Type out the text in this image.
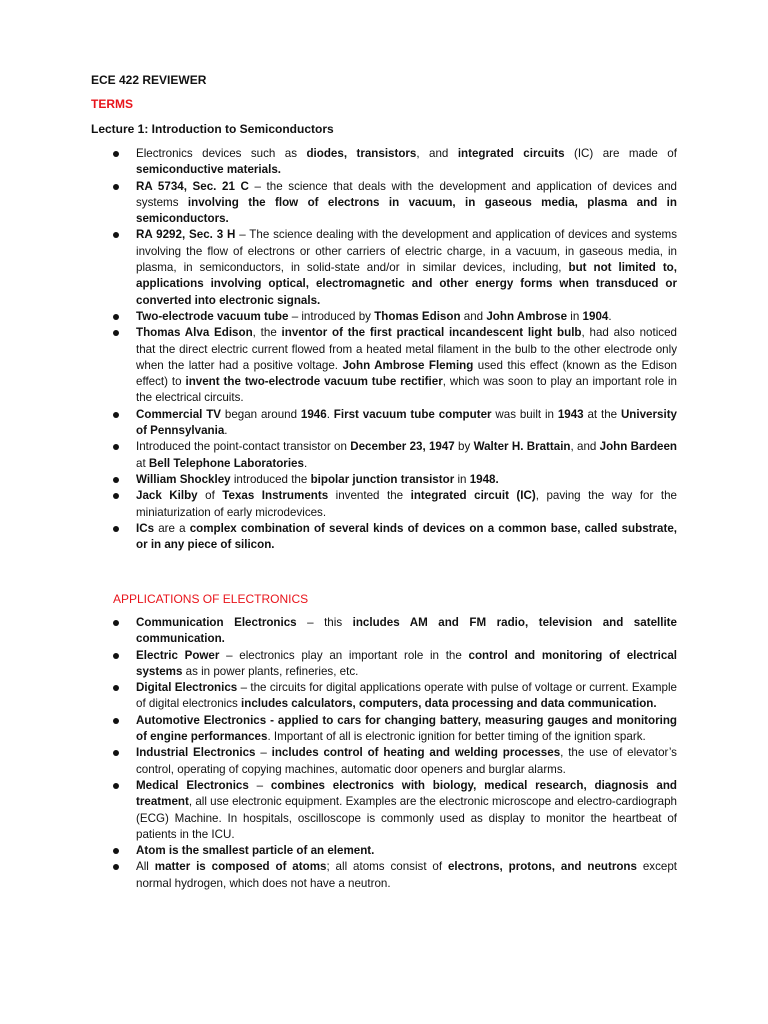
ECE 422 REVIEWER
TERMS
Lecture 1: Introduction to Semiconductors
Electronics devices such as diodes, transistors, and integrated circuits (IC) are made of semiconductive materials.
RA 5734, Sec. 21 C – the science that deals with the development and application of devices and systems involving the flow of electrons in vacuum, in gaseous media, plasma and in semiconductors.
RA 9292, Sec. 3 H – The science dealing with the development and application of devices and systems involving the flow of electrons or other carriers of electric charge, in a vacuum, in gaseous media, in plasma, in semiconductors, in solid-state and/or in similar devices, including, but not limited to, applications involving optical, electromagnetic and other energy forms when transduced or converted into electronic signals.
Two-electrode vacuum tube – introduced by Thomas Edison and John Ambrose in 1904.
Thomas Alva Edison, the inventor of the first practical incandescent light bulb, had also noticed that the direct electric current flowed from a heated metal filament in the bulb to the other electrode only when the latter had a positive voltage. John Ambrose Fleming used this effect (known as the Edison effect) to invent the two-electrode vacuum tube rectifier, which was soon to play an important role in the electrical circuits.
Commercial TV began around 1946. First vacuum tube computer was built in 1943 at the University of Pennsylvania.
Introduced the point-contact transistor on December 23, 1947 by Walter H. Brattain, and John Bardeen at Bell Telephone Laboratories.
William Shockley introduced the bipolar junction transistor in 1948.
Jack Kilby of Texas Instruments invented the integrated circuit (IC), paving the way for the miniaturization of early microdevices.
ICs are a complex combination of several kinds of devices on a common base, called substrate, or in any piece of silicon.
APPLICATIONS OF ELECTRONICS
Communication Electronics – this includes AM and FM radio, television and satellite communication.
Electric Power – electronics play an important role in the control and monitoring of electrical systems as in power plants, refineries, etc.
Digital Electronics – the circuits for digital applications operate with pulse of voltage or current. Example of digital electronics includes calculators, computers, data processing and data communication.
Automotive Electronics - applied to cars for changing battery, measuring gauges and monitoring of engine performances. Important of all is electronic ignition for better timing of the ignition spark.
Industrial Electronics – includes control of heating and welding processes, the use of elevator’s control, operating of copying machines, automatic door openers and burglar alarms.
Medical Electronics – combines electronics with biology, medical research, diagnosis and treatment, all use electronic equipment. Examples are the electronic microscope and electro-cardiograph (ECG) Machine. In hospitals, oscilloscope is commonly used as display to monitor the heartbeat of patients in the ICU.
Atom is the smallest particle of an element.
All matter is composed of atoms; all atoms consist of electrons, protons, and neutrons except normal hydrogen, which does not have a neutron.
